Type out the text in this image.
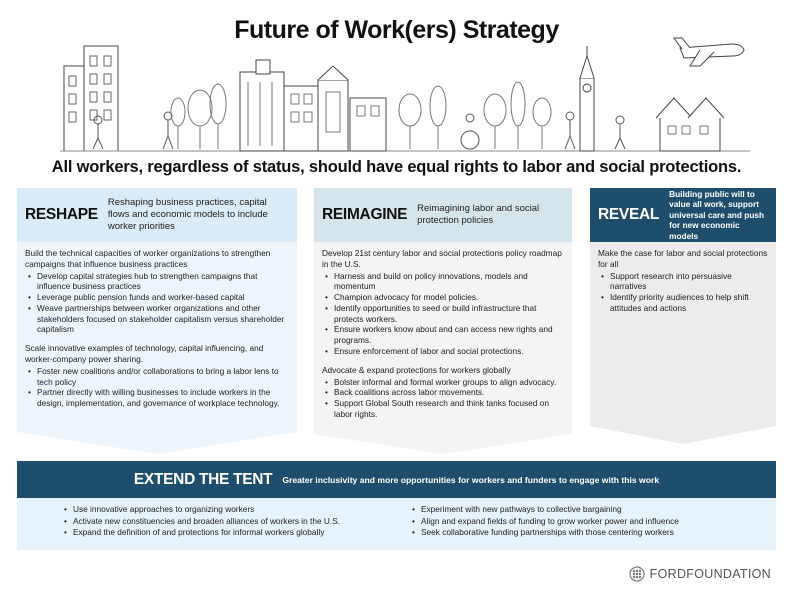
Future of Work(ers) Strategy
All workers, regardless of status, should have equal rights to labor and social protections.
RESHAPE
Reshaping business practices, capital flows and economic models to include worker priorities

Build the technical capacities of worker organizations to strengthen campaigns that influence business practices

• Develop capital strategies hub to strengthen campaigns that influence business practices
• Leverage public pension funds and worker-based capital
• Weave partnerships between worker organizations and other stakeholders focused on stakeholder capitalism versus shareholder capitalism

Scale innovative examples of technology, capital influencing, and worker-company power sharing.

• Foster new coalitions and/or collaborations to bring a labor lens to tech policy
• Partner directly with willing businesses to include workers in the design, implementation, and governance of workplace technology.
REIMAGINE Reimagining labor and social protection policies

Develop 21st century labor and social protections policy roadmap in the U.S.

• Harness and build on policy innovations, models and momentum
• Champion advocacy for model policies.
• Identify opportunities to seed or build infrastructure that protects workers.
• Ensure workers know about and can access new rights and programs.
• Ensure enforcement of labor and social protections.

Advocate & expand protections for workers globally

• Bolster informal and formal worker groups to align advocacy.
• Back coalitions across labor movements.
• Support Global South research and think tanks focused on labor rights.
REVEAL
Building public will to value all work, support universal care and push for new economic models

Make the case for labor and social protections for all

• Support research into persuasive narratives
• Identify priority audiences to help shift attitudes and actions
EXTEND THE TENT Greater inclusivity and more opportunities for workers and funders to engage with this work
• Use innovative approaches to organizing workers
• Activate new constituencies and broaden alliances of workers in the U.S.
• Expand the definition of and protections for informal workers globally
• Experiment with new pathways to collective bargaining
• Align and expand fields of funding to grow worker power and influence
• Seek collaborative funding partnerships with those centering workers
FORDFOUNDATION
